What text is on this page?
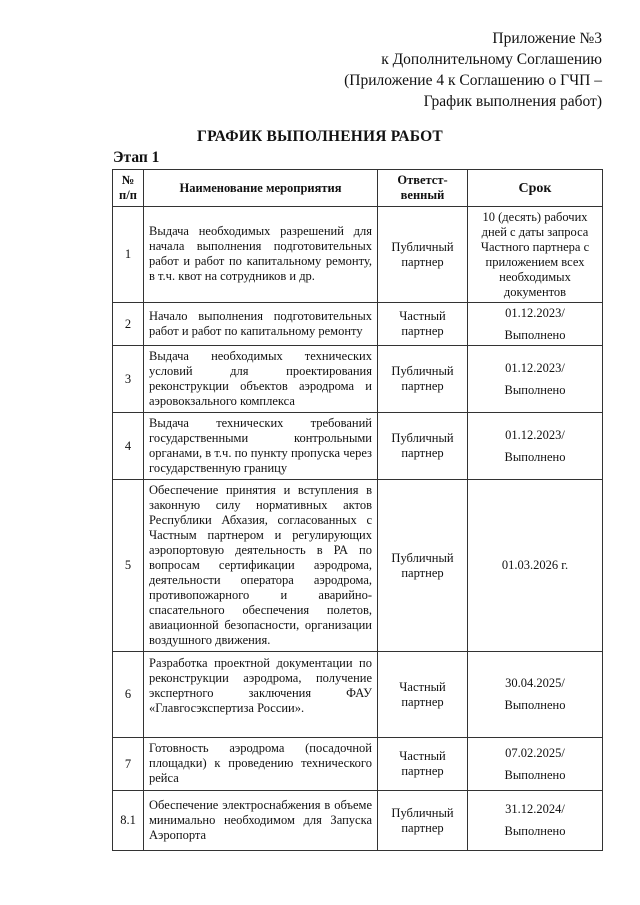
Приложение №3
к Дополнительному Соглашению
(Приложение 4 к Соглашению о ГЧП –
График выполнения работ)
ГРАФИК ВЫПОЛНЕНИЯ РАБОТ
Этап 1
№ п/п	Наименование мероприятия	Ответст-венный	Срок
1	Выдача необходимых разрешений для начала выполнения подготовительных работ и работ по капитальному ремонту, в т.ч. квот на сотрудников и др.	Публичный партнер	10 (десять) рабочих дней с даты запроса Частного партнера с приложением всех необходимых документов
2	Начало выполнения подготовительных работ и работ по капитальному ремонту	Частный партнер	01.12.2023/
Выполнено

3	Выдача необходимых технических условий для проектирования реконструкции объектов аэродрома и аэровокзального комплекса	Публичный партнер	01.12.2023/
Выполнено

4	Выдача технических требований государственными контрольными органами, в т.ч. по пункту пропуска через государственную границу	Публичный партнер	01.12.2023/
Выполнено

5	Обеспечение принятия и вступления в законную силу нормативных актов Республики Абхазия, согласованных с Частным партнером и регулирующих аэропортовую деятельность в РА по вопросам сертификации аэродрома, деятельности оператора аэродрома, противопожарного и аварийно-спасательного обеспечения полетов, авиационной безопасности, организации воздушного движения.	Публичный партнер	01.03.2026 г.
6	Разработка проектной документации по реконструкции аэродрома, получение экспертного заключения ФАУ «Главгосэкспертиза России».	Частный партнер	30.04.2025/
Выполнено

7	Готовность аэродрома (посадочной площадки) к проведению технического рейса	Частный партнер	07.02.2025/
Выполнено

8.1	Обеспечение электроснабжения в объеме минимально необходимом для Запуска Аэропорта	Публичный партнер	31.12.2024/
Выполнено
